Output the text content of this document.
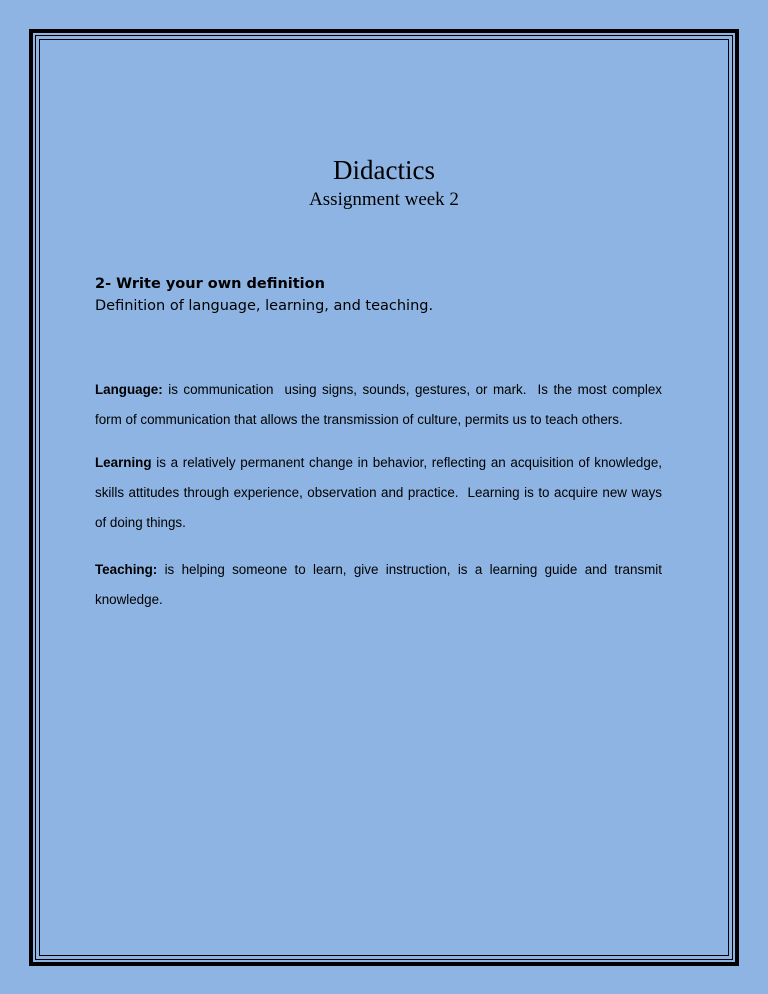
Didactics
Assignment week 2
2- Write your own definition
Definition of language, learning, and teaching.

Language: is communication  using signs, sounds, gestures, or mark.  Is the most complex form of communication that allows the transmission of culture, permits us to teach others.

Learning is a relatively permanent change in behavior, reflecting an acquisition of knowledge, skills attitudes through experience, observation and practice.  Learning is to acquire new ways of doing things.

Teaching: is helping someone to learn, give instruction, is a learning guide and transmit knowledge.
